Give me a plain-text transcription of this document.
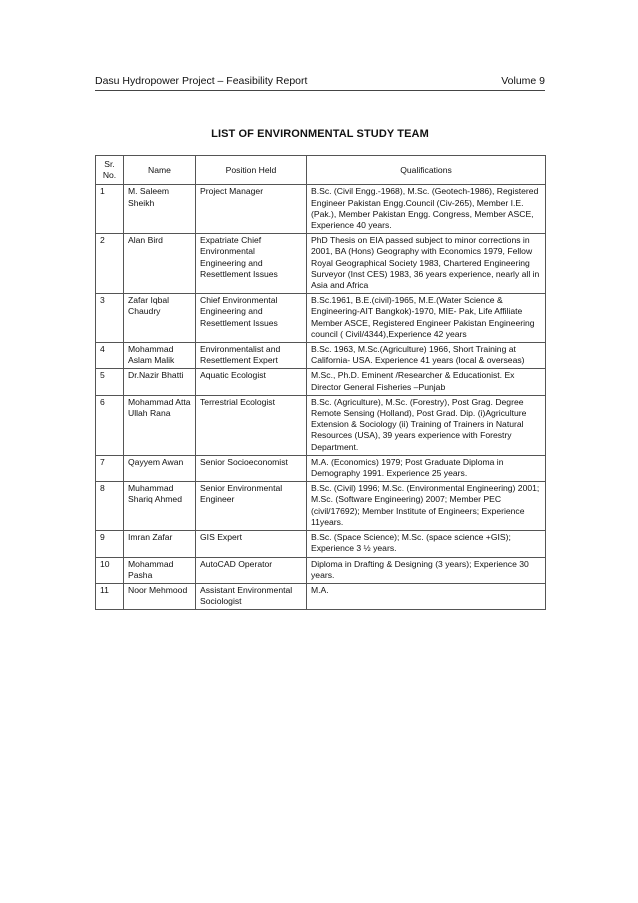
Dasu Hydropower Project – Feasibility Report	Volume 9
LIST OF ENVIRONMENTAL STUDY TEAM
Sr. No.	Name	Position Held	Qualifications
1	M. Saleem Sheikh	Project Manager	B.Sc. (Civil Engg.-1968), M.Sc. (Geotech-1986), Registered Engineer Pakistan Engg.Council (Civ-265), Member I.E. (Pak.), Member Pakistan Engg. Congress, Member ASCE, Experience 40 years.
2	Alan Bird	Expatriate Chief Environmental Engineering and Resettlement Issues	PhD Thesis on EIA passed subject to minor corrections in 2001, BA (Hons) Geography with Economics 1979, Fellow Royal Geographical Society 1983, Chartered Engineering Surveyor (Inst CES) 1983, 36 years experience, nearly all in Asia and Africa
3	Zafar Iqbal Chaudry	Chief Environmental Engineering and Resettlement Issues	B.Sc.1961, B.E.(civil)-1965, M.E.(Water Science & Engineering-AIT Bangkok)-1970, MIE- Pak, Life Affiliate Member ASCE, Registered Engineer Pakistan Engineering council ( Civil/4344),Experience 42 years
4	Mohammad Aslam Malik	Environmentalist and Resettlement Expert	B.Sc. 1963, M.Sc.(Agriculture) 1966, Short Training at California- USA. Experience 41 years (local & overseas)
5	Dr.Nazir Bhatti	Aquatic Ecologist	M.Sc., Ph.D. Eminent /Researcher & Educationist. Ex Director General Fisheries –Punjab
6	Mohammad Atta Ullah Rana	Terrestrial Ecologist	B.Sc. (Agriculture), M.Sc. (Forestry), Post Grag. Degree Remote Sensing (Holland), Post Grad. Dip. (i)Agriculture Extension & Sociology (ii) Training of Trainers in Natural Resources (USA), 39 years experience with Forestry Department.
7	Qayyem Awan	Senior Socioeconomist	M.A. (Economics) 1979; Post Graduate Diploma in Demography 1991. Experience 25 years.
8	Muhammad Shariq Ahmed	Senior Environmental Engineer	B.Sc. (Civil) 1996; M.Sc. (Environmental Engineering) 2001; M.Sc. (Software Engineering) 2007; Member PEC (civil/17692); Member Institute of Engineers; Experience 11years.
9	Imran Zafar	GIS Expert	B.Sc. (Space Science); M.Sc. (space science +GIS); Experience 3 ½ years.
10	Mohammad Pasha	AutoCAD Operator	Diploma in Drafting & Designing (3 years); Experience 30 years.
11	Noor Mehmood	Assistant Environmental Sociologist	M.A.
